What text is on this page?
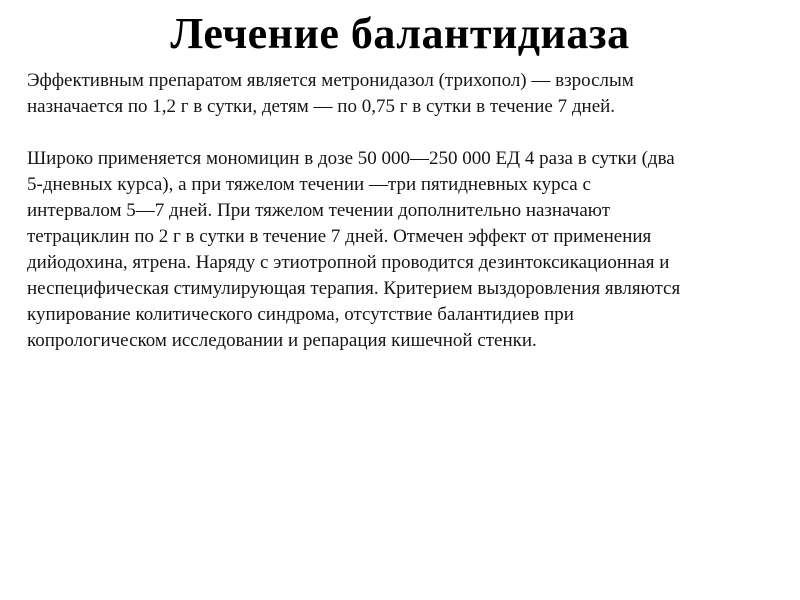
Лечение балантидиаза

Эффективным препаратом является метронидазол (трихопол) — взрослым
назначается по 1,2 г в сутки, детям — по 0,75 г в сутки в течение 7 дней.

Широко применяется мономицин в дозе 50 000—250 000 ЕД 4 раза в сутки (два
5-дневных курса), а при тяжелом течении —три пятидневных курса с
интервалом 5—7 дней. При тяжелом течении дополнительно назначают
тетрациклин по 2 г в сутки в течение 7 дней. Отмечен эффект от применения
дийодохина, ятрена. Наряду с этиотропной проводится дезинтоксикационная и
неспецифическая стимулирующая терапия. Критерием выздоровления являются
купирование колитического синдрома, отсутствие балантидиев при
копрологическом исследовании и репарация кишечной стенки.
